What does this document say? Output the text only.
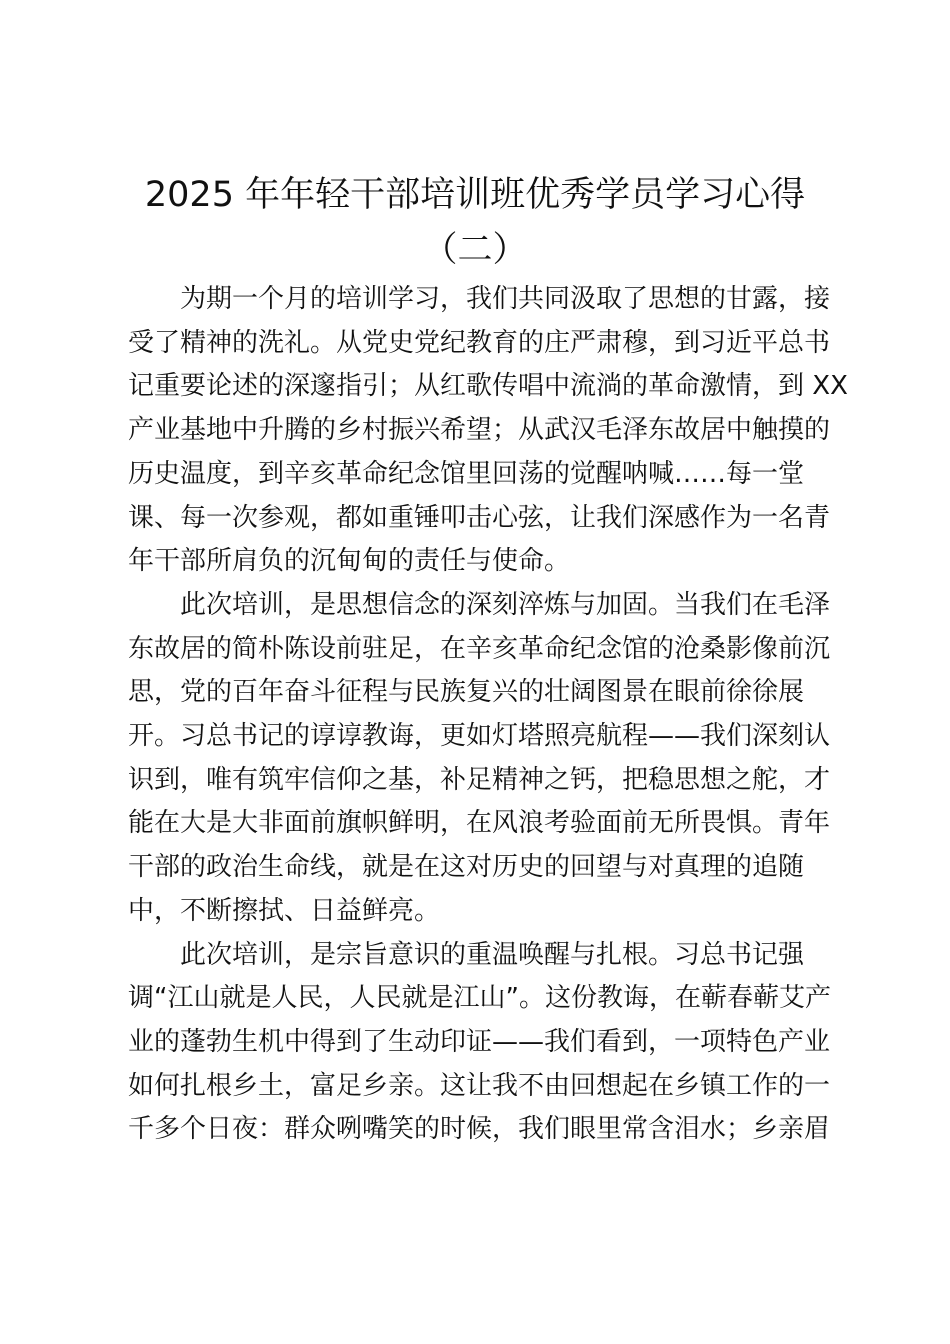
2025 年年轻干部培训班优秀学员学习心得
（二）
为期一个月的培训学习，我们共同汲取了思想的甘露，接
受了精神的洗礼。从党史党纪教育的庄严肃穆，到习近平总书
记重要论述的深邃指引；从红歌传唱中流淌的革命激情，到 XX
产业基地中升腾的乡村振兴希望；从武汉毛泽东故居中触摸的
历史温度，到辛亥革命纪念馆里回荡的觉醒呐喊……每一堂
课、每一次参观，都如重锤叩击心弦，让我们深感作为一名青
年干部所肩负的沉甸甸的责任与使命。
此次培训，是思想信念的深刻淬炼与加固。当我们在毛泽
东故居的简朴陈设前驻足，在辛亥革命纪念馆的沧桑影像前沉
思，党的百年奋斗征程与民族复兴的壮阔图景在眼前徐徐展
开。习总书记的谆谆教诲，更如灯塔照亮航程——我们深刻认
识到，唯有筑牢信仰之基，补足精神之钙，把稳思想之舵，才
能在大是大非面前旗帜鲜明，在风浪考验面前无所畏惧。青年
干部的政治生命线，就是在这对历史的回望与对真理的追随
中，不断擦拭、日益鲜亮。
此次培训，是宗旨意识的重温唤醒与扎根。习总书记强
调“江山就是人民，人民就是江山”。这份教诲，在蕲春蕲艾产
业的蓬勃生机中得到了生动印证——我们看到，一项特色产业
如何扎根乡土，富足乡亲。这让我不由回想起在乡镇工作的一
千多个日夜：群众咧嘴笑的时候，我们眼里常含泪水；乡亲眉
